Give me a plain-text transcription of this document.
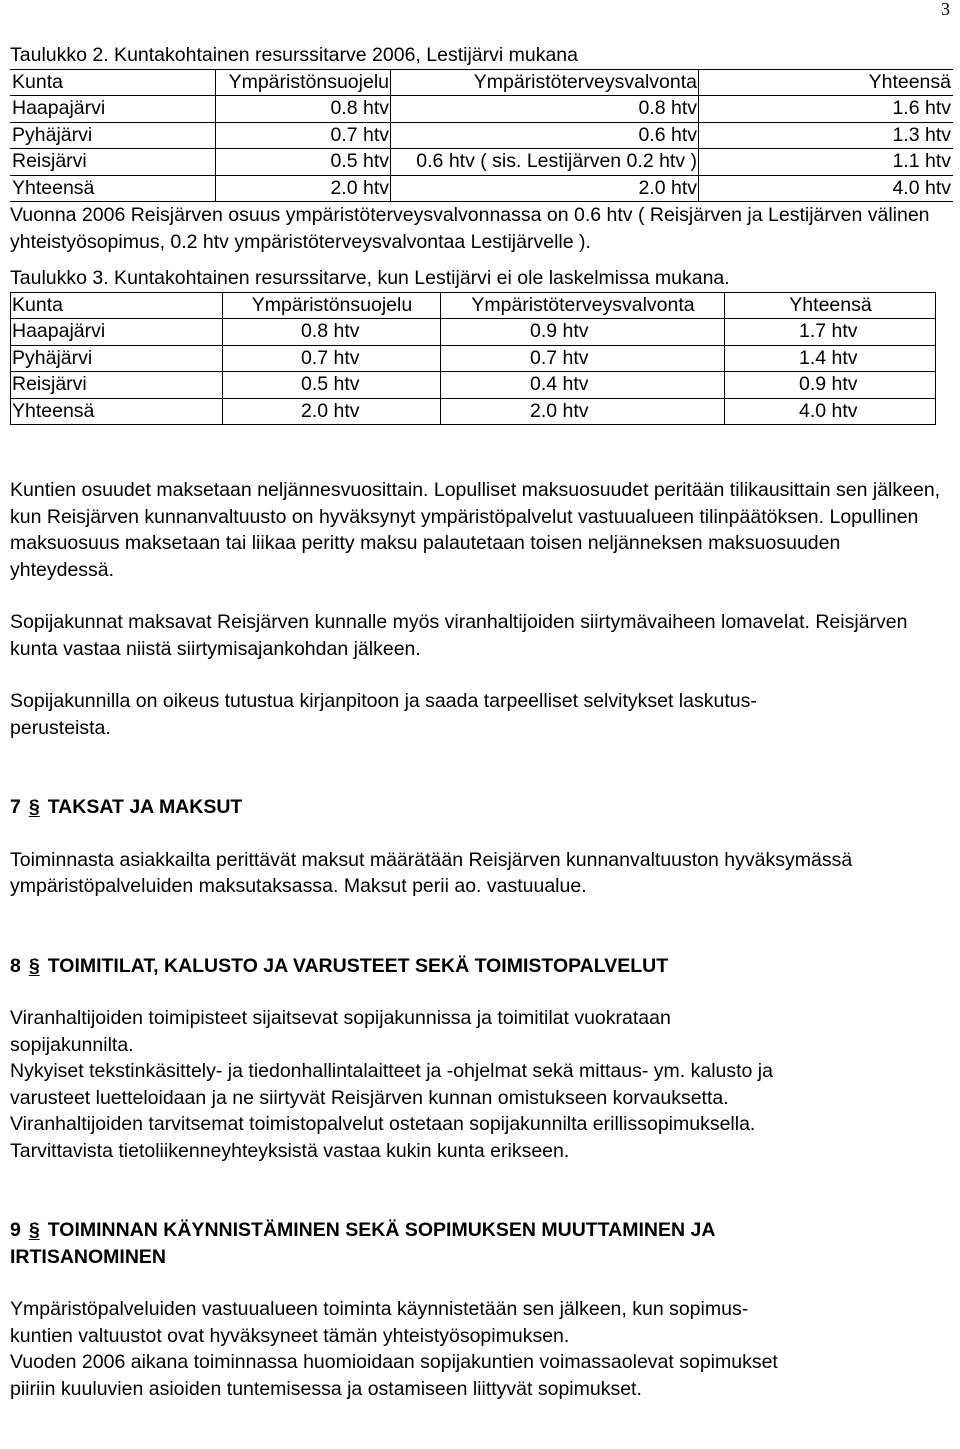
3

Taulukko 2. Kuntakohtainen resurssitarve 2006, Lestijärvi mukana

Kunta	Ympäristönsuojelu	Ympäristöterveysvalvonta	Yhteensä
Haapajärvi	0.8 htv	0.8 htv	1.6 htv
Pyhäjärvi	0.7 htv	0.6 htv	1.3 htv
Reisjärvi	0.5 htv	0.6 htv ( sis. Lestijärven 0.2 htv )	1.1 htv
Yhteensä	2.0 htv	2.0 htv	4.0 htv

Vuonna 2006 Reisjärven osuus ympäristöterveysvalvonnassa on 0.6 htv ( Reisjärven ja Lestijärven välinen yhteistyösopimus, 0.2 htv ympäristöterveysvalvontaa Lestijärvelle ).

Taulukko 3. Kuntakohtainen resurssitarve, kun Lestijärvi ei ole laskelmissa mukana.

Kunta	Ympäristönsuojelu	Ympäristöterveysvalvonta	Yhteensä
Haapajärvi	0.8 htv	0.9 htv	1.7 htv
Pyhäjärvi	0.7 htv	0.7 htv	1.4 htv
Reisjärvi	0.5 htv	0.4 htv	0.9 htv
Yhteensä	2.0 htv	2.0 htv	4.0 htv

Kuntien osuudet maksetaan neljännesvuosittain. Lopulliset maksuosuudet peritään tilikausittain sen jälkeen, kun Reisjärven kunnanvaltuusto on hyväksynyt ympäristöpalvelut vastuualueen tilinpäätöksen. Lopullinen maksuosuus maksetaan tai liikaa peritty maksu palautetaan toisen neljänneksen maksuosuuden yhteydessä.

Sopijakunnat maksavat Reisjärven kunnalle myös viranhaltijoiden siirtymävaiheen lomavelat. Reisjärven kunta vastaa niistä siirtymisajankohdan jälkeen.

Sopijakunnilla on oikeus tutustua kirjanpitoon ja saada tarpeelliset selvitykset laskutus-
perusteista.

7 § TAKSAT JA MAKSUT

Toiminnasta asiakkailta perittävät maksut määrätään Reisjärven kunnanvaltuuston hyväksymässä ympäristöpalveluiden maksutaksassa. Maksut perii ao. vastuualue.

8 § TOIMITILAT, KALUSTO JA VARUSTEET SEKÄ TOIMISTOPALVELUT

Viranhaltijoiden toimipisteet sijaitsevat sopijakunnissa ja toimitilat vuokrataan
sopijakunnilta.
Nykyiset tekstinkäsittely- ja tiedonhallintalaitteet ja -ohjelmat sekä mittaus- ym. kalusto ja
varusteet luetteloidaan ja ne siirtyvät Reisjärven kunnan omistukseen korvauksetta.
Viranhaltijoiden tarvitsemat toimistopalvelut ostetaan sopijakunnilta erillissopimuksella.
Tarvittavista tietoliikenneyhteyksistä vastaa kukin kunta erikseen.

9 § TOIMINNAN KÄYNNISTÄMINEN SEKÄ SOPIMUKSEN MUUTTAMINEN JA
IRTISANOMINEN

Ympäristöpalveluiden vastuualueen toiminta käynnistetään sen jälkeen, kun sopimus-
kuntien valtuustot ovat hyväksyneet tämän yhteistyösopimuksen.
Vuoden 2006 aikana toiminnassa huomioidaan sopijakuntien voimassaolevat sopimukset
piiriin kuuluvien asioiden tuntemisessa ja ostamiseen liittyvät sopimukset.
